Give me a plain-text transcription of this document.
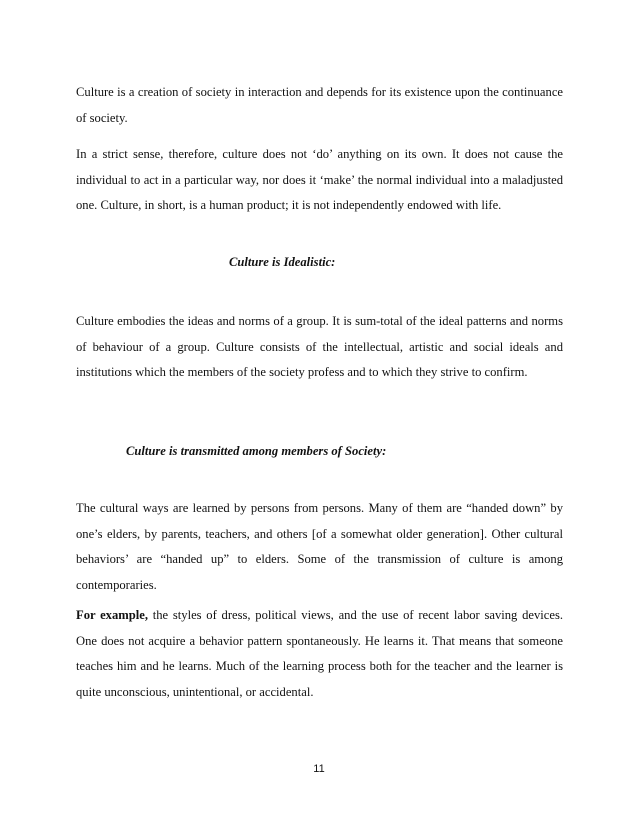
Culture is a creation of society in interaction and depends for its existence upon the continuance of society.

In a strict sense, therefore, culture does not ‘do’ anything on its own. It does not cause the individual to act in a particular way, nor does it ‘make’ the normal individual into a maladjusted one. Culture, in short, is a human product; it is not independently endowed with life.

Culture is Idealistic:

Culture embodies the ideas and norms of a group. It is sum-total of the ideal patterns and norms of behaviour of a group. Culture consists of the intellectual, artistic and social ideals and institutions which the members of the society profess and to which they strive to confirm.

Culture is transmitted among members of Society:

The cultural ways are learned by persons from persons. Many of them are “handed down” by one’s elders, by parents, teachers, and others [of a somewhat older generation]. Other cultural behaviors’ are “handed up” to elders. Some of the transmission of culture is among contemporaries.

For example, the styles of dress, political views, and the use of recent labor saving devices. One does not acquire a behavior pattern spontaneously. He learns it. That means that someone teaches him and he learns. Much of the learning process both for the teacher and the learner is quite unconscious, unintentional, or accidental.

11
